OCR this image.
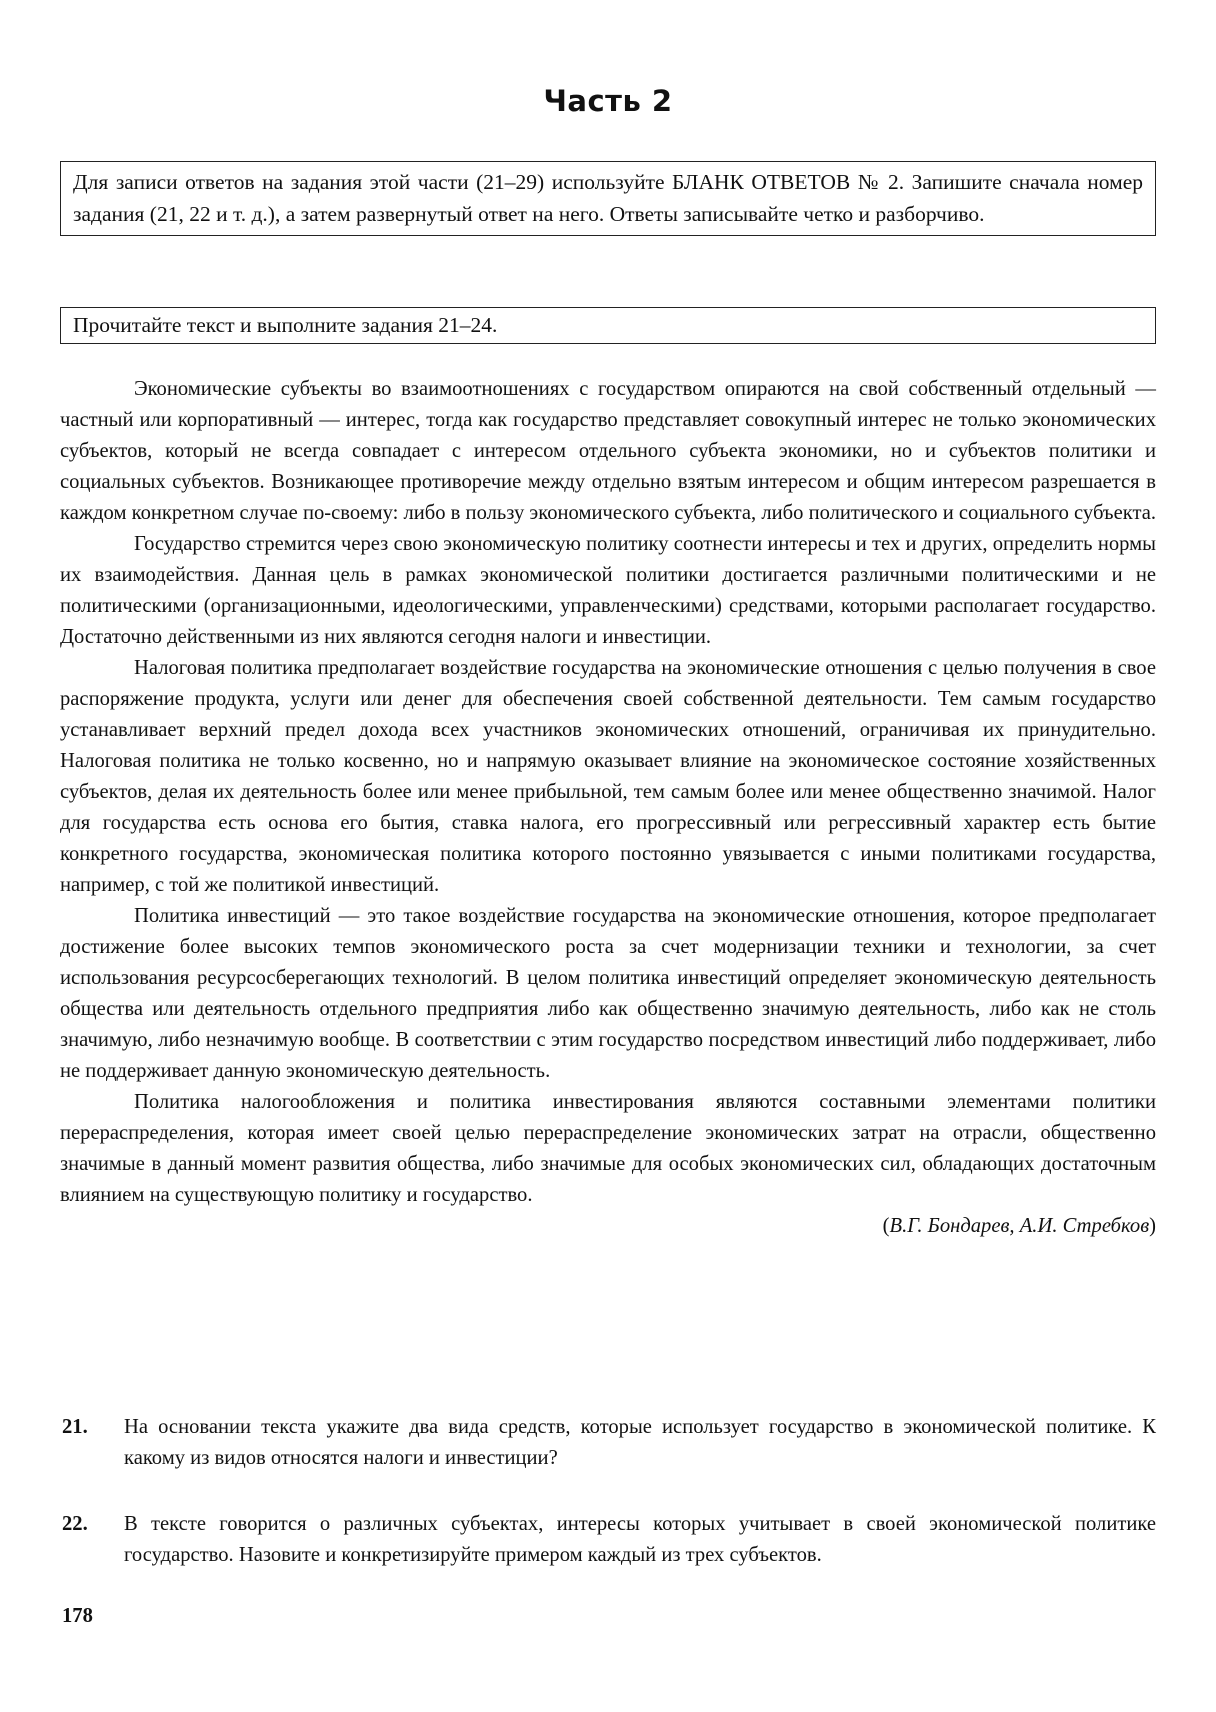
Часть 2
Для записи ответов на задания этой части (21–29) используйте БЛАНК ОТВЕТОВ № 2. Запишите сначала номер задания (21, 22 и т. д.), а затем развернутый ответ на него. Ответы записывайте четко и разборчиво.
Прочитайте текст и выполните задания 21–24.

Экономические субъекты во взаимоотношениях с государством опираются на свой собственный отдельный — частный или корпоративный — интерес, тогда как государство представляет совокупный интерес не только экономических субъектов, который не всегда совпадает с интересом отдельного субъекта экономики, но и субъектов политики и социальных субъектов. Возникающее противоречие между отдельно взятым интересом и общим интересом разрешается в каждом конкретном случае по-своему: либо в пользу экономического субъекта, либо политического и социального субъекта.

Государство стремится через свою экономическую политику соотнести интересы и тех и других, определить нормы их взаимодействия. Данная цель в рамках экономической политики достигается различными политическими и не политическими (организационными, идеологическими, управленческими) средствами, которыми располагает государство. Достаточно действенными из них являются сегодня налоги и инвестиции.

Налоговая политика предполагает воздействие государства на экономические отношения с целью получения в свое распоряжение продукта, услуги или денег для обеспечения своей собственной деятельности. Тем самым государство устанавливает верхний предел дохода всех участников экономических отношений, ограничивая их принудительно. Налоговая политика не только косвенно, но и напрямую оказывает влияние на экономическое состояние хозяйственных субъектов, делая их деятельность более или менее прибыльной, тем самым более или менее общественно значимой. Налог для государства есть основа его бытия, ставка налога, его прогрессивный или регрессивный характер есть бытие конкретного государства, экономическая политика которого постоянно увязывается с иными политиками государства, например, с той же политикой инвестиций.

Политика инвестиций — это такое воздействие государства на экономические отношения, которое предполагает достижение более высоких темпов экономического роста за счет модернизации техники и технологии, за счет использования ресурсосберегающих технологий. В целом политика инвестиций определяет экономическую деятельность общества или деятельность отдельного предприятия либо как общественно значимую деятельность, либо как не столь значимую, либо незначимую вообще. В соответствии с этим государство посредством инвестиций либо поддерживает, либо не поддерживает данную экономическую деятельность.

Политика налогообложения и политика инвестирования являются составными элементами политики перераспределения, которая имеет своей целью перераспределение экономических затрат на отрасли, общественно значимые в данный момент развития общества, либо значимые для особых экономических сил, обладающих достаточным влиянием на существующую политику и государство.

(В.Г. Бондарев, А.И. Стребков)
21. На основании текста укажите два вида средств, которые использует государство в экономической политике. К какому из видов относятся налоги и инвестиции?
22. В тексте говорится о различных субъектах, интересы которых учитывает в своей экономической политике государство. Назовите и конкретизируйте примером каждый из трех субъектов.
178
